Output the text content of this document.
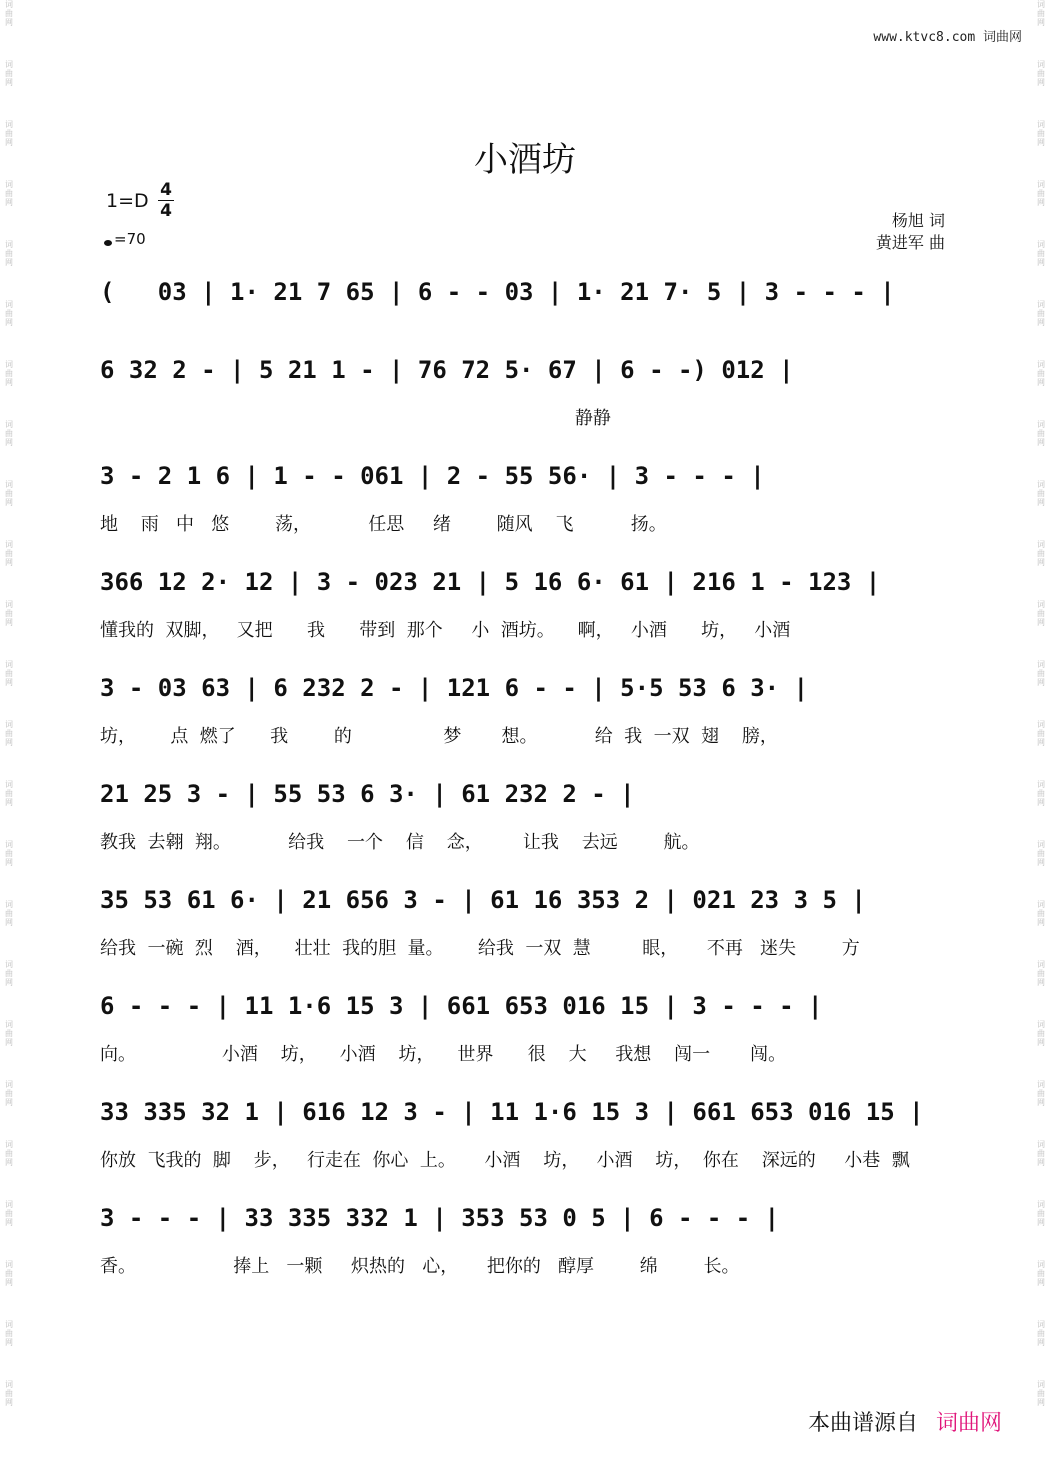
词
曲
网
词
曲
网
词
曲
网
词
曲
网
词
曲
网
词
曲
网
词
曲
网
词
曲
网
词
曲
网
词
曲
网
词
曲
网
词
曲
网
词
曲
网
词
曲
网
词
曲
网
词
曲
网
词
曲
网
词
曲
网
词
曲
网
词
曲
网
词
曲
网
词
曲
网
词
曲
网
词
曲
网
词
曲
网
词
曲
网
词
曲
网
词
曲
网
词
曲
网
词
曲
网
词
曲
网
词
曲
网
词
曲
网
词
曲
网
词
曲
网
词
曲
网
词
曲
网
词
曲
网
词
曲
网
词
曲
网
词
曲
网
词
曲
网
词
曲
网
词
曲
网
词
曲
网
词
曲
网
词
曲
网
词
曲
网
www.ktvc8.com 词曲网
小酒坊
1=D 4
4
=70
杨旭 词
黄进军 曲
(   03 | 1· 21 7 65 | 6 - - 03 | 1· 21 7· 5 | 3 - - - |
6 32 2 - | 5 21 1 - | 76 72 5· 67 | 6 - -) 012 |
静静
3 - 2 1 6 | 1 - - 061 | 2 - 55 56· | 3 - - - |
地    雨   中   悠        荡，          任思     绪        随风    飞          扬。
366 12 2· 12 | 3 - 023 21 | 5 16 6· 61 | 216 1 - 123 |
懂我的  双脚，   又把      我      带到  那个     小  酒坊。    啊，   小酒      坊，   小酒
3 - 03 63 | 6 232 2 - | 121 6 - - | 5·5 53 6 3· |
坊，      点  燃了      我        的                梦       想。          给  我  一双  翅    膀，
21 25 3 - | 55 53 6 3· | 61 232 2 - |
教我  去翱  翔。          给我    一个    信    念，       让我    去远        航。
35 53 61 6· | 21 656 3 - | 61 16 353 2 | 021 23 3 5 |
给我  一碗  烈    酒，    壮壮  我的胆  量。      给我  一双  慧         眼，     不再   迷失        方
6 - - - | 11 1·6 15 3 | 661 653 016 15 | 3 - - - |
向。               小酒    坊，    小酒    坊，    世界      很    大     我想    闯一       闯。
33 335 32 1 | 616 12 3 - | 11 1·6 15 3 | 661 653 016 15 |
你放  飞我的  脚    步，   行走在  你心  上。     小酒    坊，   小酒    坊，  你在    深远的     小巷  飘
3 - - - | 33 335 332 1 | 353 53 0 5 | 6 - - - |
香。                 捧上   一颗     炽热的   心，     把你的   醇厚        绵        长。
本曲谱源自 词曲网
